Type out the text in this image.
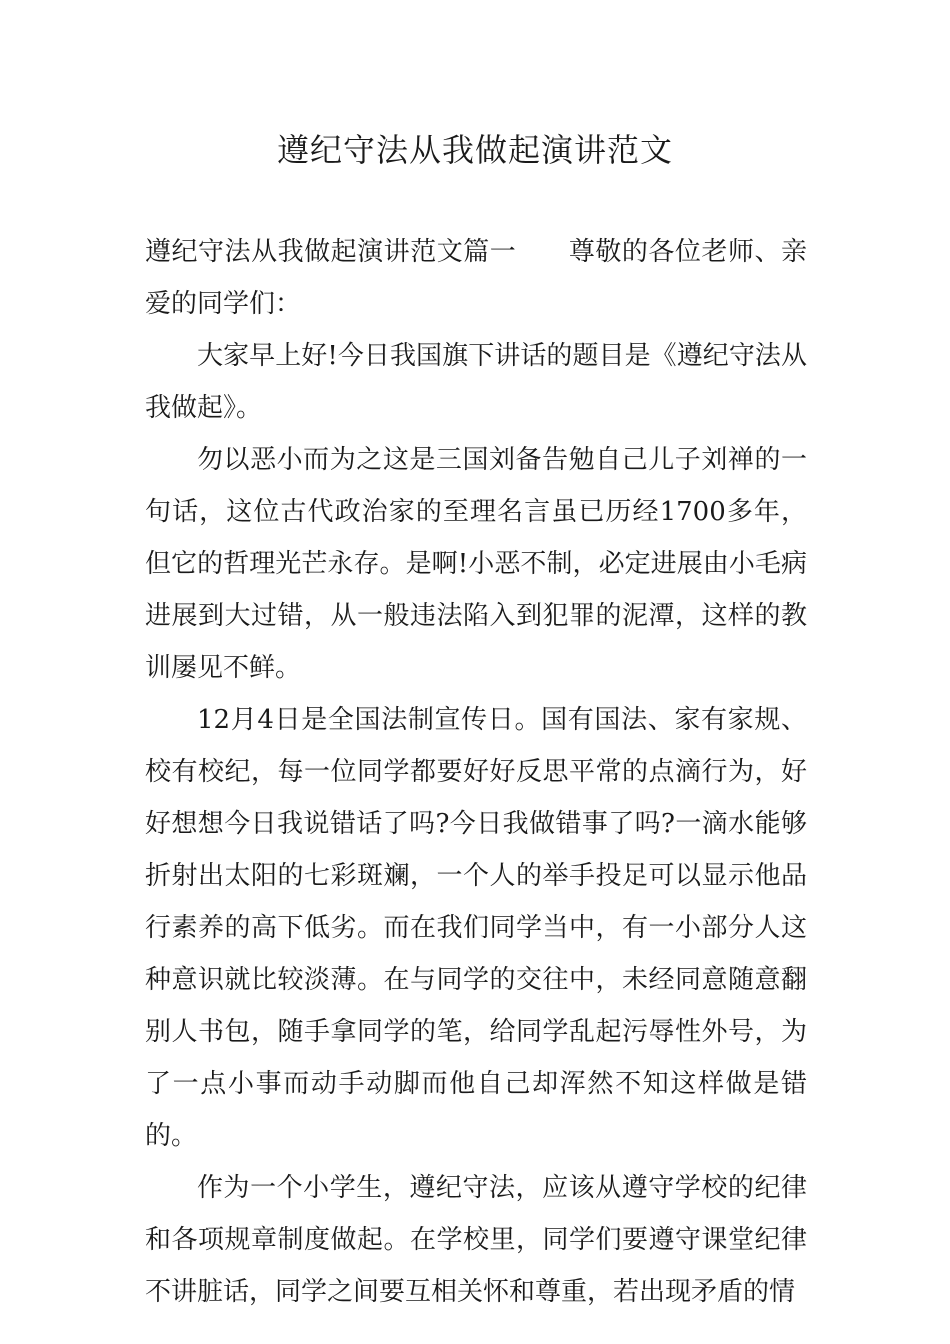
遵纪守法从我做起演讲范文

遵纪守法从我做起演讲范文篇一 尊敬的各位老师、亲爱的同学们：

大家早上好!今日我国旗下讲话的题目是《遵纪守法从我做起》。

勿以恶小而为之这是三国刘备告勉自己儿子刘禅的一句话，这位古代政治家的至理名言虽已历经1700多年，但它的哲理光芒永存。是啊!小恶不制，必定进展由小毛病进展到大过错，从一般违法陷入到犯罪的泥潭，这样的教训屡见不鲜。

12月4日是全国法制宣传日。国有国法、家有家规、校有校纪，每一位同学都要好好反思平常的点滴行为，好好想想今日我说错话了吗?今日我做错事了吗?一滴水能够折射出太阳的七彩斑斓，一个人的举手投足可以显示他品行素养的高下低劣。而在我们同学当中，有一小部分人这种意识就比较淡薄。在与同学的交往中，未经同意随意翻别人书包，随手拿同学的笔，给同学乱起污辱性外号，为了一点小事而动手动脚而他自己却浑然不知这样做是错的。

作为一个小学生，遵纪守法，应该从遵守学校的纪律和各项规章制度做起。在学校里，同学们要遵守课堂纪律不讲脏话，同学之间要互相关怀和尊重，若出现矛盾的情
